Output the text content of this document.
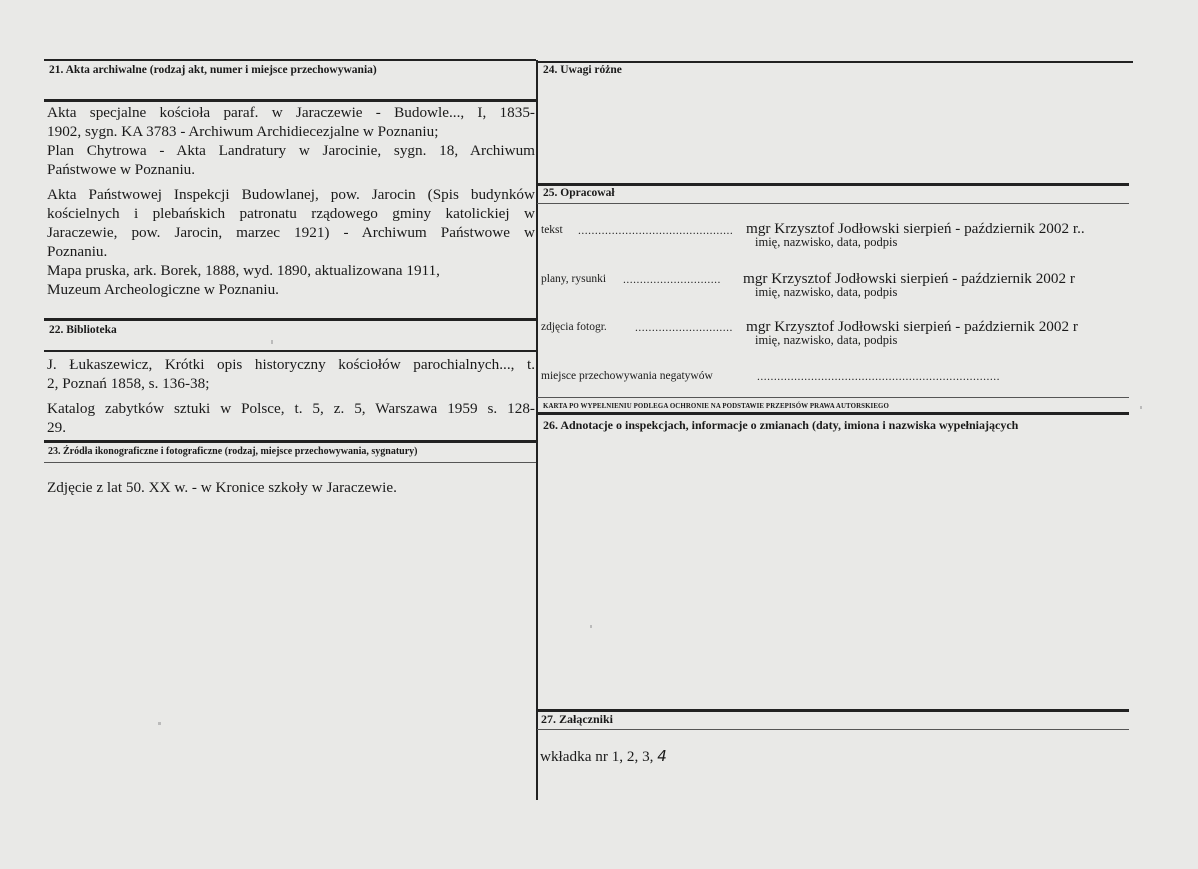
21. Akta archiwalne (rodzaj akt, numer i miejsce przechowywania)
Akta specjalne kościoła paraf. w Jaraczewie - Budowle..., I, 1835-
1902, sygn. KA 3783 - Archiwum Archidiecezjalne w Poznaniu;
Plan Chytrowa - Akta Landratury w Jarocinie, sygn. 18, Archiwum
Państwowe w Poznaniu.
Akta Państwowej Inspekcji Budowlanej, pow. Jarocin (Spis budynków
kościelnych i plebańskich patronatu rządowego gminy katolickiej w
Jaraczewie, pow. Jarocin, marzec 1921) - Archiwum Państwowe w
Poznaniu.
Mapa pruska, ark. Borek, 1888, wyd. 1890, aktualizowana 1911,
Muzeum Archeologiczne w Poznaniu.
22. Biblioteka
J. Łukaszewicz, Krótki opis historyczny kościołów parochialnych..., t.
2, Poznań 1858, s. 136-38;
Katalog zabytków sztuki w Polsce, t. 5, z. 5, Warszawa 1959 s. 128-
29.
23. Źródła ikonograficzne i fotograficzne (rodzaj, miejsce przechowywania, sygnatury)
Zdjęcie z lat 50. XX w. - w Kronice szkoły w Jaraczewie.
24. Uwagi różne
25. Opracował
tekst .............................................. mgr Krzysztof Jodłowski sierpień - październik 2002 r..
imię, nazwisko, data, podpis
plany, rysunki ............................. mgr Krzysztof Jodłowski sierpień - październik 2002 r
imię, nazwisko, data, podpis
zdjęcia fotogr. ............................. mgr Krzysztof Jodłowski sierpień - październik 2002 r
imię, nazwisko, data, podpis
miejsce przechowywania negatywów	........................................................................
KARTA PO WYPEŁNIENIU PODLEGA OCHRONIE NA PODSTAWIE PRZEPISÓW PRAWA AUTORSKIEGO
26. Adnotacje o inspekcjach, informacje o zmianach (daty, imiona i nazwiska wypełniających
27. Załączniki
wkładka nr 1, 2, 3, 4
